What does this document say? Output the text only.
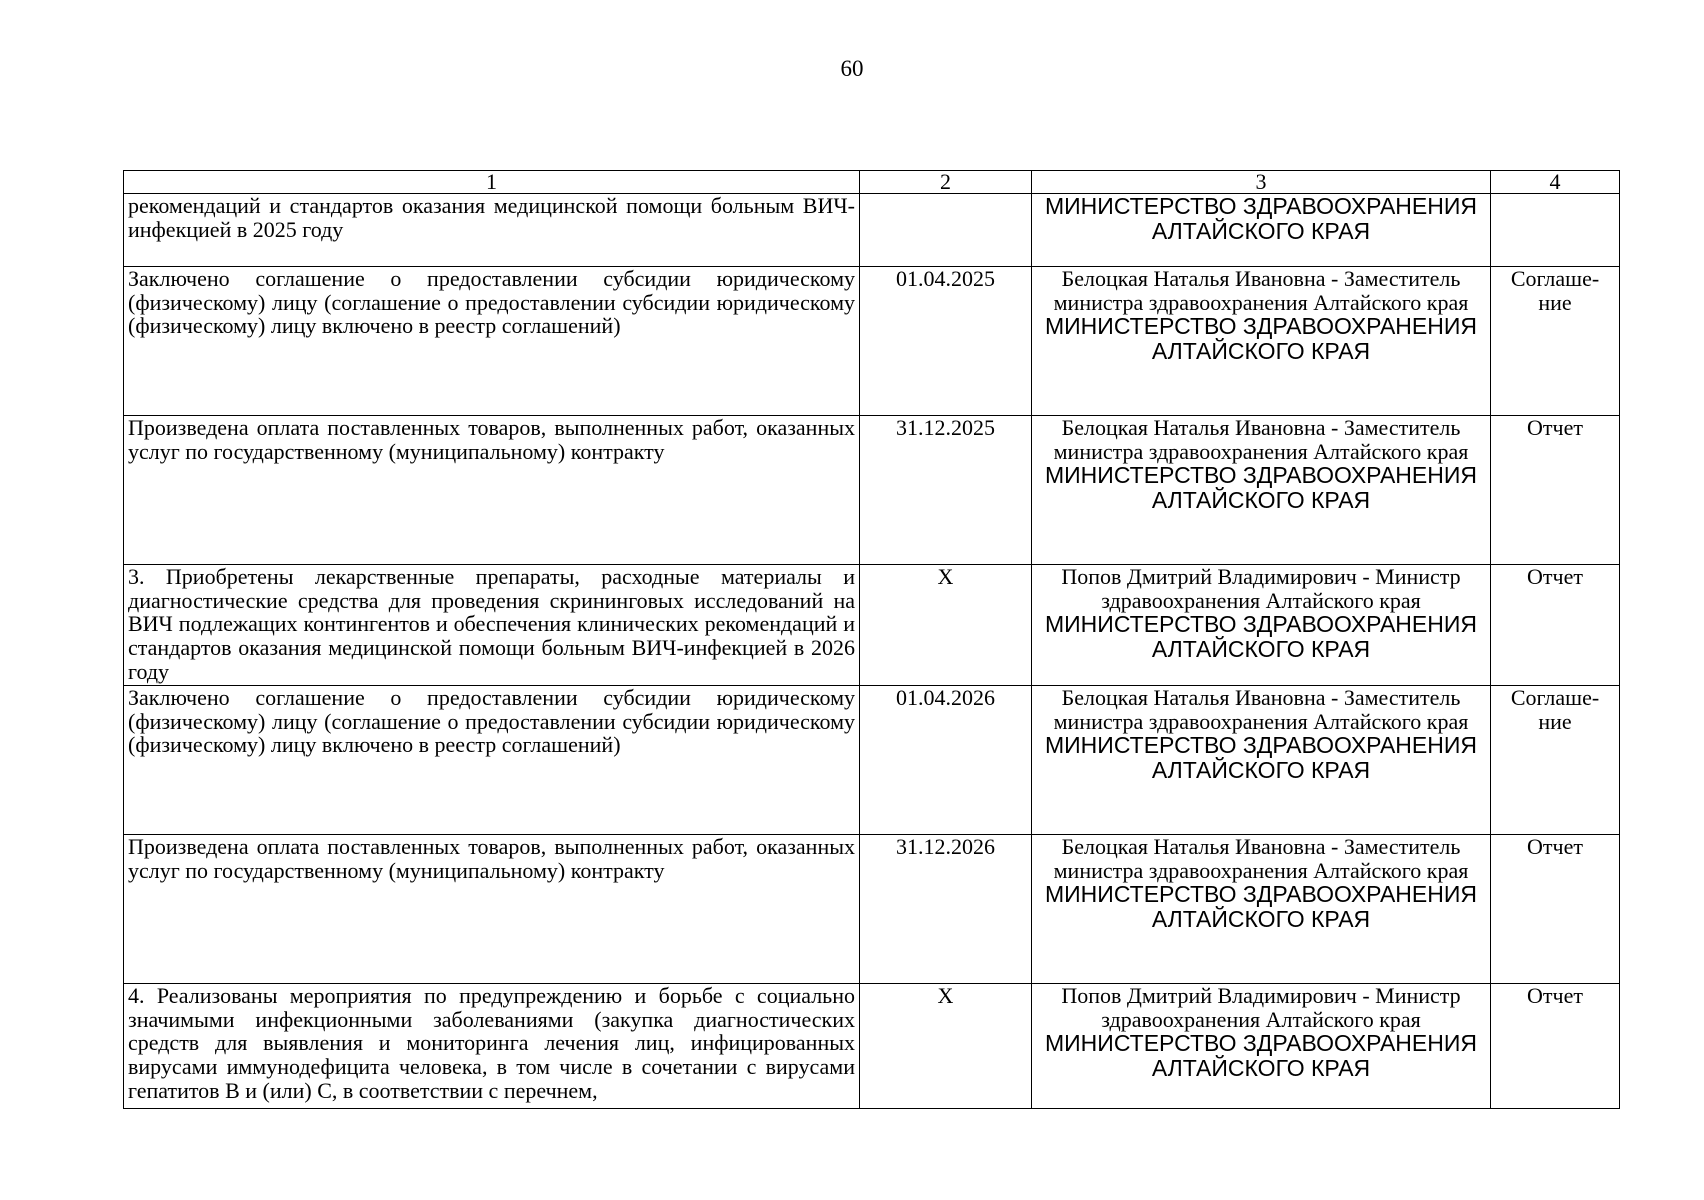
60
1	2	3	4
рекомендаций и стандартов оказания медицинской помощи больным ВИЧ-инфекцией в 2025 году		МИНИСТЕРСТВО ЗДРАВООХРАНЕНИЯ АЛТАЙСКОГО КРАЯ	

Заключено соглашение о предоставлении субсидии юридическому (физическому) лицу (соглашение о предоставлении субсидии юридическому (физическому) лицу включено в реестр соглашений)	01.04.2025	Белоцкая Наталья Ивановна - Заместитель министра здравоохранения Алтайского края
МИНИСТЕРСТВО ЗДРАВООХРАНЕНИЯ АЛТАЙСКОГО КРАЯ	Соглаше-ние
Произведена оплата поставленных товаров, выполненных работ, оказанных услуг по государственному (муниципальному) контракту	31.12.2025	Белоцкая Наталья Ивановна - Заместитель министра здравоохранения Алтайского края
МИНИСТЕРСТВО ЗДРАВООХРАНЕНИЯ АЛТАЙСКОГО КРАЯ	Отчет
3. Приобретены лекарственные препараты, расходные материалы и диагностические средства для проведения скрининговых исследований на ВИЧ подлежащих контингентов и обеспечения клинических рекомендаций и стандартов оказания медицинской помощи больным ВИЧ-инфекцией в 2026 году	X	Попов Дмитрий Владимирович - Министр здравоохранения Алтайского края
МИНИСТЕРСТВО ЗДРАВООХРАНЕНИЯ АЛТАЙСКОГО КРАЯ	Отчет
Заключено соглашение о предоставлении субсидии юридическому (физическому) лицу (соглашение о предоставлении субсидии юридическому (физическому) лицу включено в реестр соглашений)	01.04.2026	Белоцкая Наталья Ивановна - Заместитель министра здравоохранения Алтайского края
МИНИСТЕРСТВО ЗДРАВООХРАНЕНИЯ АЛТАЙСКОГО КРАЯ	Соглаше-ние
Произведена оплата поставленных товаров, выполненных работ, оказанных услуг по государственному (муниципальному) контракту	31.12.2026	Белоцкая Наталья Ивановна - Заместитель министра здравоохранения Алтайского края
МИНИСТЕРСТВО ЗДРАВООХРАНЕНИЯ АЛТАЙСКОГО КРАЯ	Отчет
4. Реализованы мероприятия по предупреждению и борьбе с социально значимыми инфекционными заболеваниями (закупка диагностических средств для выявления и мониторинга лечения лиц, инфицированных вирусами иммунодефицита человека, в том числе в сочетании с вирусами гепатитов B и (или) C, в соответствии с перечнем,	X	Попов Дмитрий Владимирович - Министр здравоохранения Алтайского края
МИНИСТЕРСТВО ЗДРАВООХРАНЕНИЯ АЛТАЙСКОГО КРАЯ	Отчет
